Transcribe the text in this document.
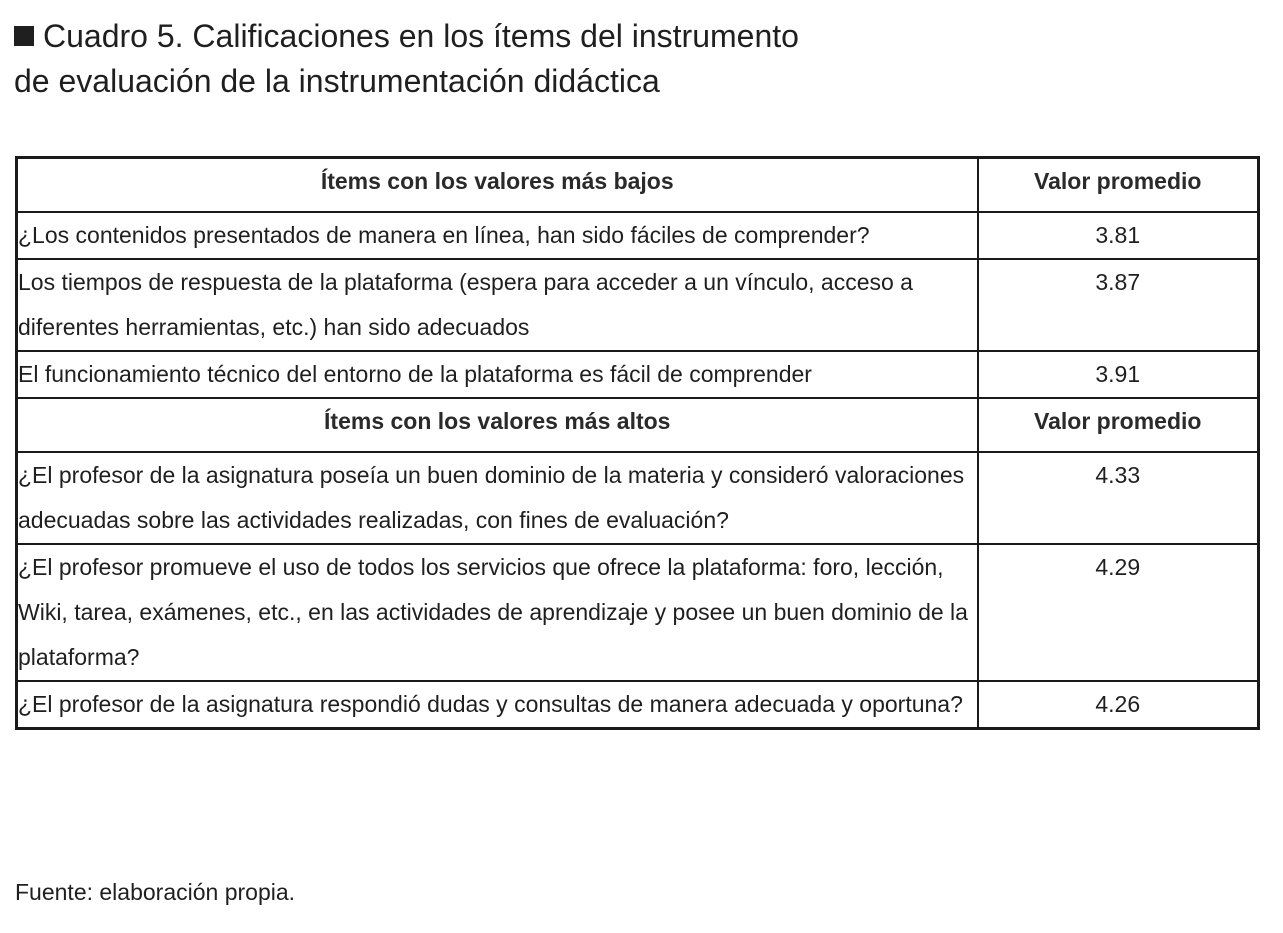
Cuadro 5. Calificaciones en los ítems del instrumento
de evaluación de la instrumentación didáctica
Ítems con los valores más bajos	Valor promedio
¿Los contenidos presentados de manera en línea, han sido fáciles de comprender?	3.81
Los tiempos de respuesta de la plataforma (espera para acceder a un vínculo, acceso a diferentes herramientas, etc.) han sido adecuados	3.87
El funcionamiento técnico del entorno de la plataforma es fácil de comprender	3.91
Ítems con los valores más altos	Valor promedio
¿El profesor de la asignatura poseía un buen dominio de la materia y consideró valoraciones adecuadas sobre las actividades realizadas, con fines de evaluación?	4.33
¿El profesor promueve el uso de todos los servicios que ofrece la plataforma: foro, lección, Wiki, tarea, exámenes, etc., en las actividades de aprendizaje y posee un buen dominio de la plataforma?	4.29
¿El profesor de la asignatura respondió dudas y consultas de manera adecuada y oportuna?	4.26
Fuente: elaboración propia.
